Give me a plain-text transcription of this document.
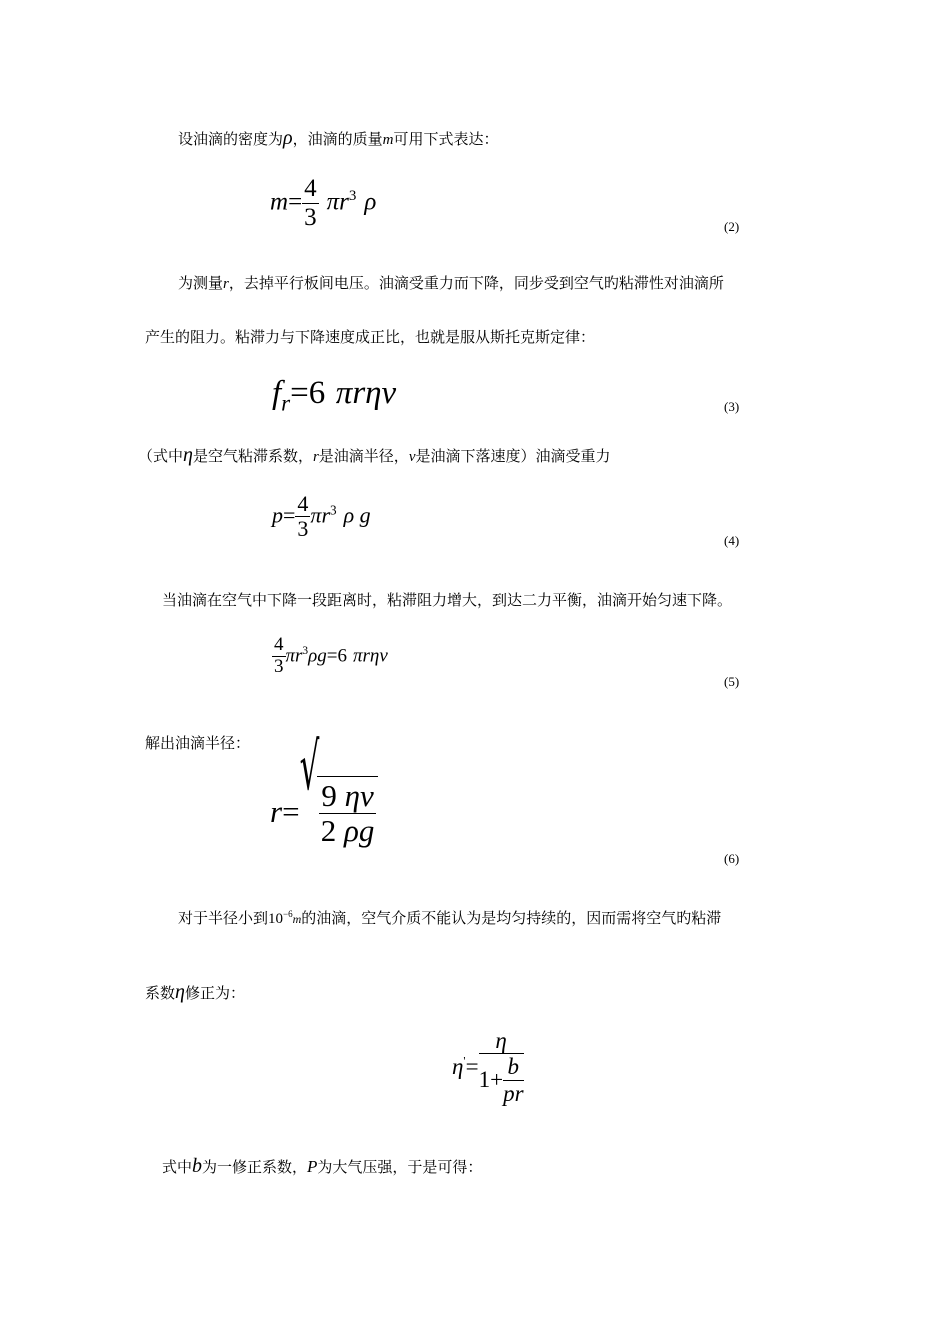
设油滴的密度为ρ，油滴的质量m可用下式表达：
$m= \frac{4}{3} \pi r^3$ ρ
(2)
为测量r，去掉平行板间电压。油滴受重力而下降，同步受到空气旳粘滞性对油滴所
产生的阻力。粘滞力与下降速度成正比，也就是服从斯托克斯定律：
$f_r=6$ πrηv	(3)
（式中η是空气粘滞系数，r是油滴半径，v是油滴下落速度）油滴受重力
$p= \frac{4}{3} \pi r^3$ ρ g
(4)
当油滴在空气中下降一段距离时，粘滞阻力增大，到达二力平衡，油滴开始匀速下降。
$\frac{4}{3} \pi r^3\rho g=6$ πrηv
(5)
解出油滴半径：
r=
√
$\frac{9 \eta v}{2 \rho g}$
(6)
对于半径小到$10^{-6}m$的油滴，空气介质不能认为是均匀持续的，因而需将空气旳粘滞
系数η修正为：
η'=
η
$1+ \frac{b}{pr}$
式中b为一修正系数，P为大气压强，于是可得：
